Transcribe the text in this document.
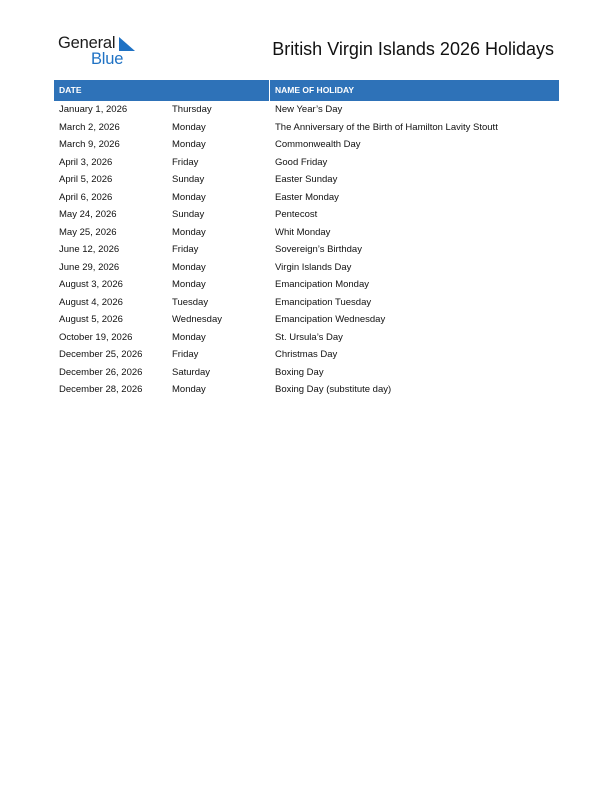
General
Blue	British Virgin Islands 2026 Holidays
DATE	NAME OF HOLIDAY
January 1, 2026	Thursday	New Year’s Day
March 2, 2026	Monday	The Anniversary of the Birth of Hamilton Lavity Stoutt
March 9, 2026	Monday	Commonwealth Day
April 3, 2026	Friday	Good Friday
April 5, 2026	Sunday	Easter Sunday
April 6, 2026	Monday	Easter Monday
May 24, 2026	Sunday	Pentecost
May 25, 2026	Monday	Whit Monday
June 12, 2026	Friday	Sovereign’s Birthday
June 29, 2026	Monday	Virgin Islands Day
August 3, 2026	Monday	Emancipation Monday
August 4, 2026	Tuesday	Emancipation Tuesday
August 5, 2026	Wednesday	Emancipation Wednesday
October 19, 2026	Monday	St. Ursula’s Day
December 25, 2026	Friday	Christmas Day
December 26, 2026	Saturday	Boxing Day
December 28, 2026	Monday	Boxing Day (substitute day)
